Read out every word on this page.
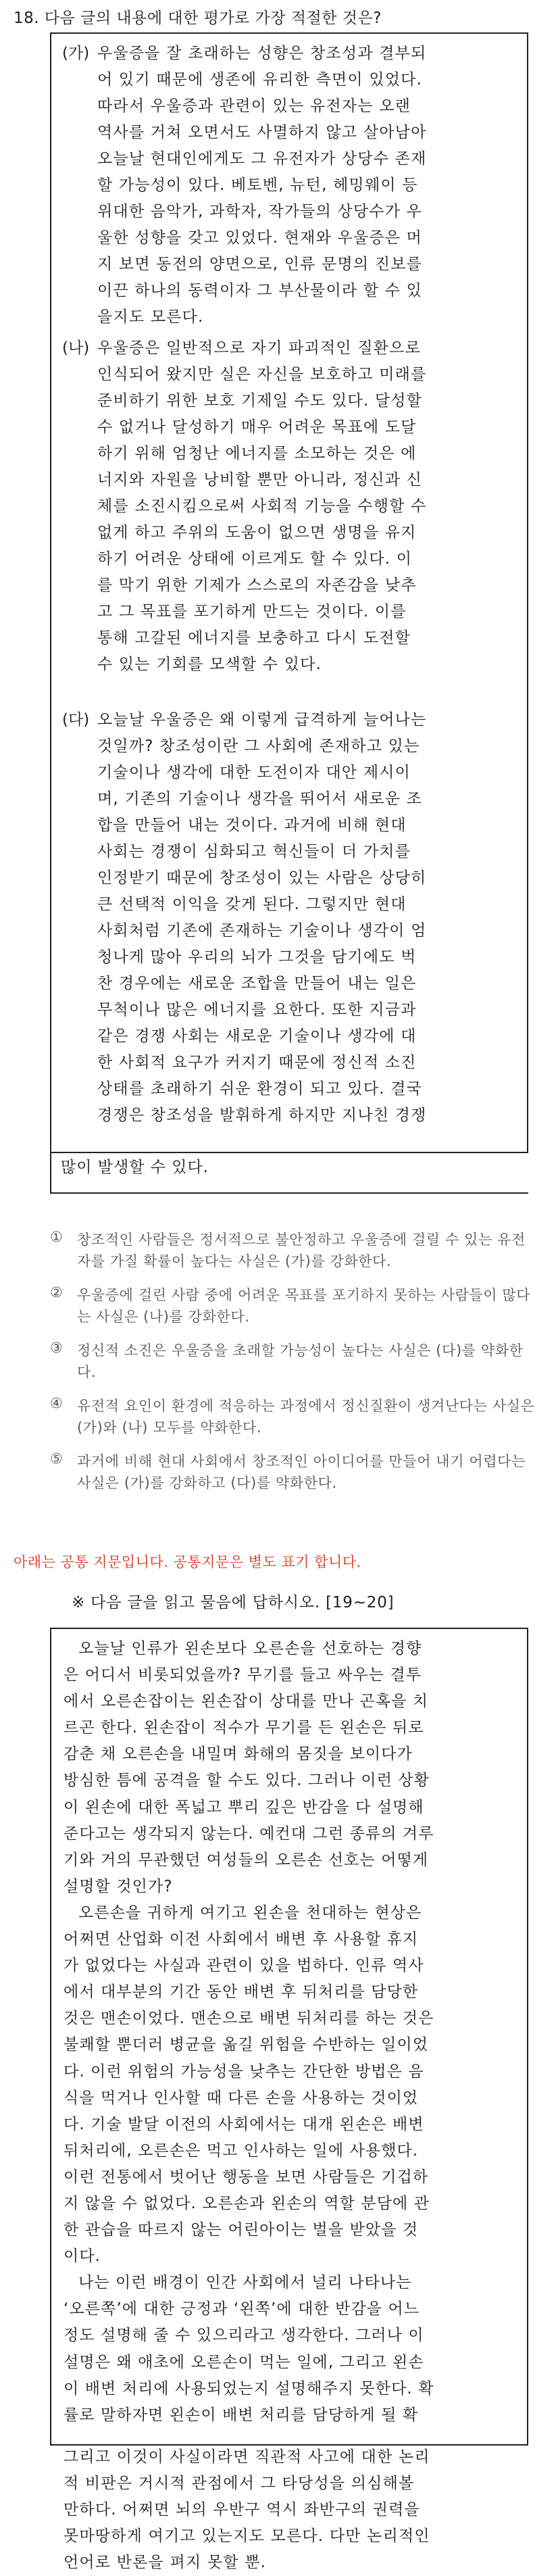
18. 다음 글의 내용에 대한 평가로 가장 적절한 것은?
(가) 우울증을 잘 초래하는 성향은 창조성과 결부되
어 있기 때문에 생존에 유리한 측면이 있었다.
따라서 우울증과 관련이 있는 유전자는 오랜
역사를 거쳐 오면서도 사멸하지 않고 살아남아
오늘날 현대인에게도 그 유전자가 상당수 존재
할 가능성이 있다. 베토벤, 뉴턴, 헤밍웨이 등
위대한 음악가, 과학자, 작가들의 상당수가 우
울한 성향을 갖고 있었다. 현재와 우울증은 머
지 보면 동전의 양면으로, 인류 문명의 진보를
이끈 하나의 동력이자 그 부산물이라 할 수 있
을지도 모른다.
(나) 우울증은 일반적으로 자기 파괴적인 질환으로
인식되어 왔지만 실은 자신을 보호하고 미래를
준비하기 위한 보호 기제일 수도 있다. 달성할
수 없거나 달성하기 매우 어려운 목표에 도달
하기 위해 엄청난 에너지를 소모하는 것은 에
너지와 자원을 낭비할 뿐만 아니라, 정신과 신
체를 소진시킴으로써 사회적 기능을 수행할 수
없게 하고 주위의 도움이 없으면 생명을 유지
하기 어려운 상태에 이르게도 할 수 있다. 이
를 막기 위한 기제가 스스로의 자존감을 낮추
고 그 목표를 포기하게 만드는 것이다. 이를
통해 고갈된 에너지를 보충하고 다시 도전할
수 있는 기회를 모색할 수 있다.
(다) 오늘날 우울증은 왜 이렇게 급격하게 늘어나는
것일까? 창조성이란 그 사회에 존재하고 있는
기술이나 생각에 대한 도전이자 대안 제시이
며, 기존의 기술이나 생각을 뛰어서 새로운 조
합을 만들어 내는 것이다. 과거에 비해 현대
사회는 경쟁이 심화되고 혁신들이 더 가치를
인정받기 때문에 창조성이 있는 사람은 상당히
큰 선택적 이익을 갖게 된다. 그렇지만 현대
사회처럼 기존에 존재하는 기술이나 생각이 엄
청나게 많아 우리의 뇌가 그것을 담기에도 벅
찬 경우에는 새로운 조합을 만들어 내는 일은
무척이나 많은 에너지를 요한다. 또한 지금과
같은 경쟁 사회는 새로운 기술이나 생각에 대
한 사회적 요구가 커지기 때문에 정신적 소진
상태를 초래하기 쉬운 환경이 되고 있다. 결국
경쟁은 창조성을 발휘하게 하지만 지나친 경쟁
많이 발생할 수 있다.
① 창조적인 사람들은 정서적으로 불안정하고 우울증에 걸릴 수 있는 유전자를 가질 확률이 높다는 사실은 (가)를 강화한다.
② 우울증에 걸린 사람 중에 어려운 목표를 포기하지 못하는 사람들이 많다는 사실은 (나)를 강화한다.
③ 정신적 소진은 우울증을 초래할 가능성이 높다는 사실은 (다)를 약화한다.
④ 유전적 요인이 환경에 적응하는 과정에서 정신질환이 생겨난다는 사실은 (가)와 (나) 모두를 약화한다.
⑤ 과거에 비해 현대 사회에서 창조적인 아이디어를 만들어 내기 어렵다는 사실은 (가)를 강화하고 (다)를 약화한다.
아래는 공통 지문입니다. 공통지문은 별도 표기 합니다.
※ 다음 글을 읽고 물음에 답하시오. [19~20]
오늘날 인류가 왼손보다 오른손을 선호하는 경향
은 어디서 비롯되었을까? 무기를 들고 싸우는 결투
에서 오른손잡이는 왼손잡이 상대를 만나 곤혹을 치
르곤 한다. 왼손잡이 적수가 무기를 든 왼손은 뒤로
감춘 채 오른손을 내밀며 화해의 몸짓을 보이다가
방심한 틈에 공격을 할 수도 있다. 그러나 이런 상황
이 왼손에 대한 폭넓고 뿌리 깊은 반감을 다 설명해
준다고는 생각되지 않는다. 예컨대 그런 종류의 겨루
기와 거의 무관했던 여성들의 오른손 선호는 어떻게
설명할 것인가?
오른손을 귀하게 여기고 왼손을 천대하는 현상은
어쩌면 산업화 이전 사회에서 배변 후 사용할 휴지
가 없었다는 사실과 관련이 있을 법하다. 인류 역사
에서 대부분의 기간 동안 배변 후 뒤처리를 담당한
것은 맨손이었다. 맨손으로 배변 뒤처리를 하는 것은
불쾌할 뿐더러 병균을 옮길 위험을 수반하는 일이었
다. 이런 위험의 가능성을 낮추는 간단한 방법은 음
식을 먹거나 인사할 때 다른 손을 사용하는 것이었
다. 기술 발달 이전의 사회에서는 대개 왼손은 배변
뒤처리에, 오른손은 먹고 인사하는 일에 사용했다.
이런 전통에서 벗어난 행동을 보면 사람들은 기겁하
지 않을 수 없었다. 오른손과 왼손의 역할 분담에 관
한 관습을 따르지 않는 어린아이는 벌을 받았을 것
이다.
나는 이런 배경이 인간 사회에서 널리 나타나는
‘오른쪽’에 대한 긍정과 ‘왼쪽’에 대한 반감을 어느
정도 설명해 줄 수 있으리라고 생각한다. 그러나 이
설명은 왜 애초에 오른손이 먹는 일에, 그리고 왼손
이 배변 처리에 사용되었는지 설명해주지 못한다. 확
률로 말하자면 왼손이 배변 처리를 담당하게 될 확
그리고 이것이 사실이라면 직관적 사고에 대한 논리
적 비판은 거시적 관점에서 그 타당성을 의심해볼
만하다. 어쩌면 뇌의 우반구 역시 좌반구의 권력을
못마땅하게 여기고 있는지도 모른다. 다만 논리적인
언어로 반론을 펴지 못할 뿐.
